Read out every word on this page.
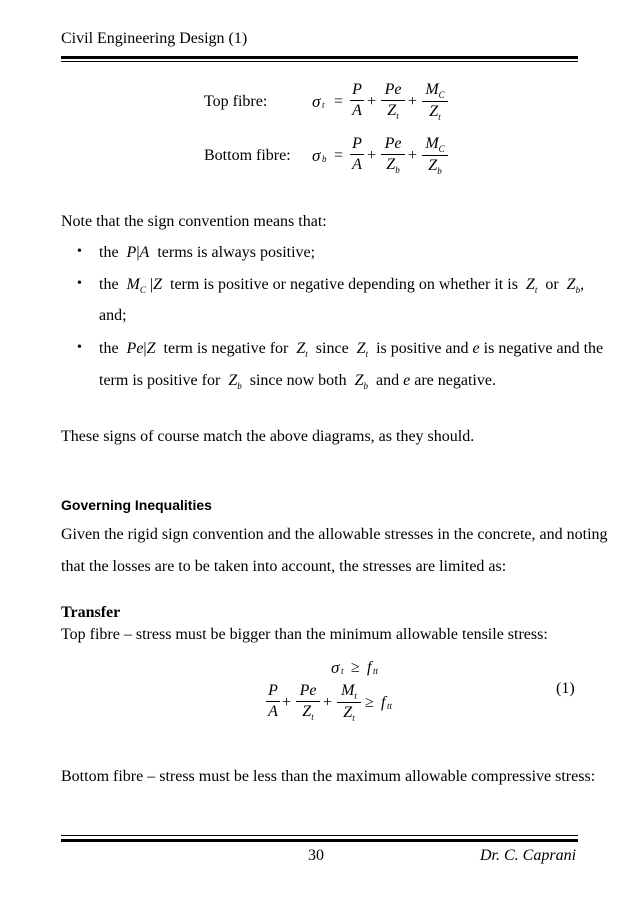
Civil Engineering Design (1)
Top fibre:	σ t =
P
A
+
Pe
$Z_t$
+
$M_C$
$Z_t$
Bottom fibre: σ b =
P
A
+
Pe
$Z_b$
+
$M_C$
$Z_b$
Note that the sign convention means that:
• the  P|A terms is always positive;
• the $M_C$ |Z term is positive or negative depending on whether it is $Z_t$ or $Z_b$,
and;
• the Pe|Z term is negative for $Z_t$ since $Z_t$ is positive and e is negative and the
term is positive for $Z_b$ since now both $Z_b$ and e are negative.
These signs of course match the above diagrams, as they should.
Governing Inequalities
Given the rigid sign convention and the allowable stresses in the concrete, and noting
that the losses are to be taken into account, the stresses are limited as:
Transfer
Top fibre – stress must be bigger than the minimum allowable tensile stress:
σ t ≥ f tt
P
A
+
Pe
$Z_t$
+
$M_t$
$Z_t$
≥ f tt
(1)
Bottom fibre – stress must be less than the maximum allowable compressive stress:
30	Dr. C. Caprani
